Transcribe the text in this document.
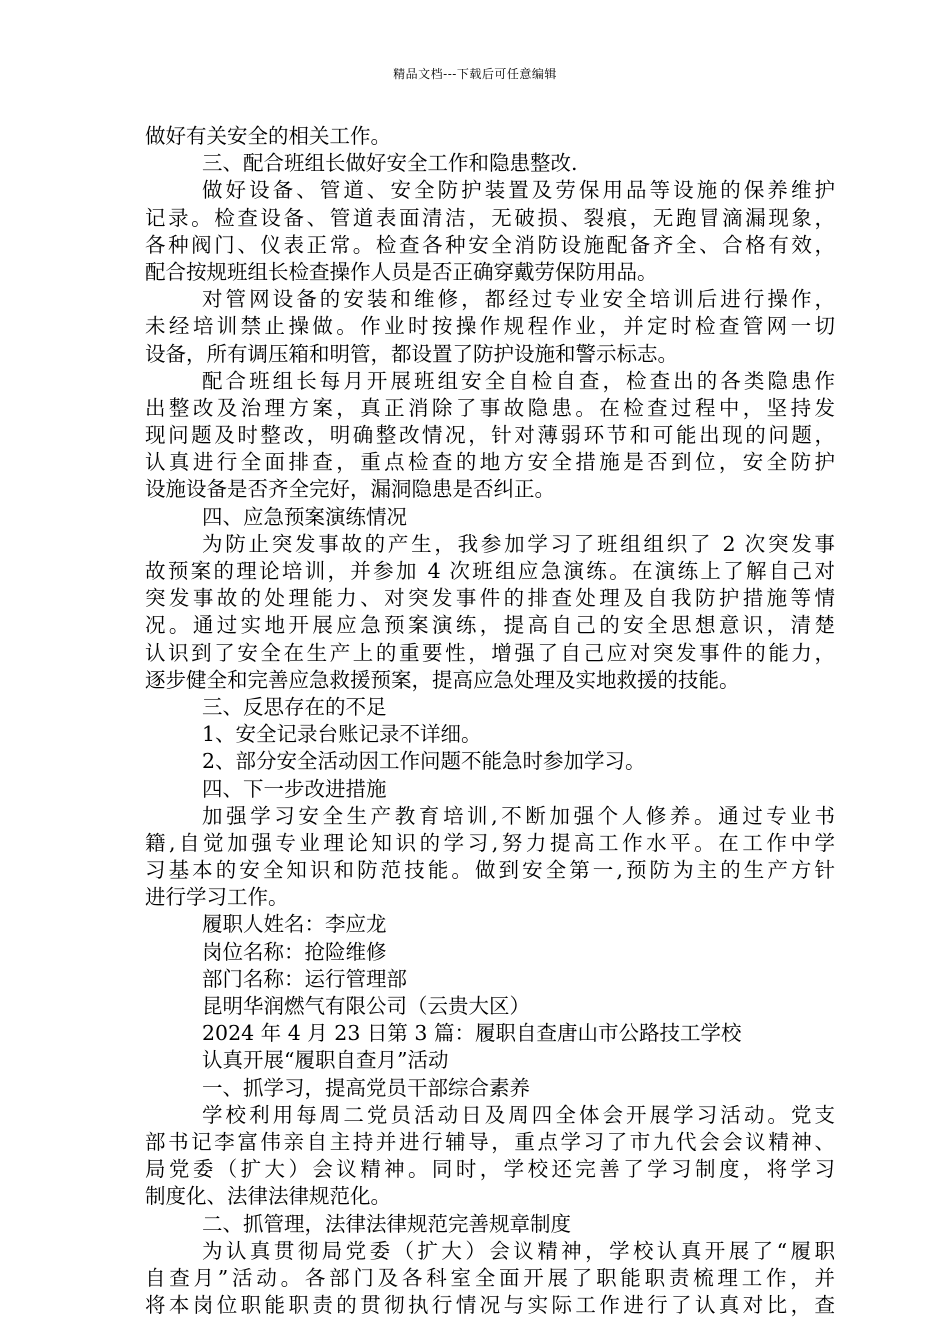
精品文档---下载后可任意编辑
做好有关安全的相关工作。
三、配合班组长做好安全工作和隐患整改.
做好设备、管道、安全防护装置及劳保用品等设施的保养维护
记录。检查设备、管道表面清洁，无破损、裂痕，无跑冒滴漏现象，
各种阀门、仪表正常。检查各种安全消防设施配备齐全、合格有效，
配合按规班组长检查操作人员是否正确穿戴劳保防用品。
对管网设备的安装和维修，都经过专业安全培训后进行操作，
未经培训禁止操做。作业时按操作规程作业，并定时检查管网一切
设备，所有调压箱和明管，都设置了防护设施和警示标志。
配合班组长每月开展班组安全自检自查，检查出的各类隐患作
出整改及治理方案，真正消除了事故隐患。在检查过程中，坚持发
现问题及时整改，明确整改情况，针对薄弱环节和可能出现的问题，
认真进行全面排查，重点检查的地方安全措施是否到位，安全防护
设施设备是否齐全完好，漏洞隐患是否纠正。
四、应急预案演练情况
为防止突发事故的产生，我参加学习了班组组织了 2 次突发事
故预案的理论培训，并参加 4 次班组应急演练。在演练上了解自己对
突发事故的处理能力、对突发事件的排查处理及自我防护措施等情
况。通过实地开展应急预案演练，提高自己的安全思想意识，清楚
认识到了安全在生产上的重要性，增强了自己应对突发事件的能力，
逐步健全和完善应急救援预案，提高应急处理及实地救援的技能。
三、反思存在的不足
1、安全记录台账记录不详细。
2、部分安全活动因工作问题不能急时参加学习。
四、下一步改进措施
加强学习安全生产教育培训,不断加强个人修养。通过专业书
籍,自觉加强专业理论知识的学习,努力提高工作水平。在工作中学
习基本的安全知识和防范技能。做到安全第一,预防为主的生产方针
进行学习工作。
履职人姓名：李应龙
岗位名称：抢险维修
部门名称：运行管理部
昆明华润燃气有限公司（云贵大区）
2024 年 4 月 23 日第 3 篇：履职自查唐山市公路技工学校
认真开展“履职自查月”活动
一、抓学习，提高党员干部综合素养
学校利用每周二党员活动日及周四全体会开展学习活动。党支
部书记李富伟亲自主持并进行辅导，重点学习了市九代会会议精神、
局党委（扩大）会议精神。同时，学校还完善了学习制度，将学习
制度化、法律法律规范化。
二、抓管理，法律法律规范完善规章制度
为认真贯彻局党委（扩大）会议精神，学校认真开展了“履职
自查月”活动。各部门及各科室全面开展了职能职责梳理工作，并
将本岗位职能职责的贯彻执行情况与实际工作进行了认真对比，查
